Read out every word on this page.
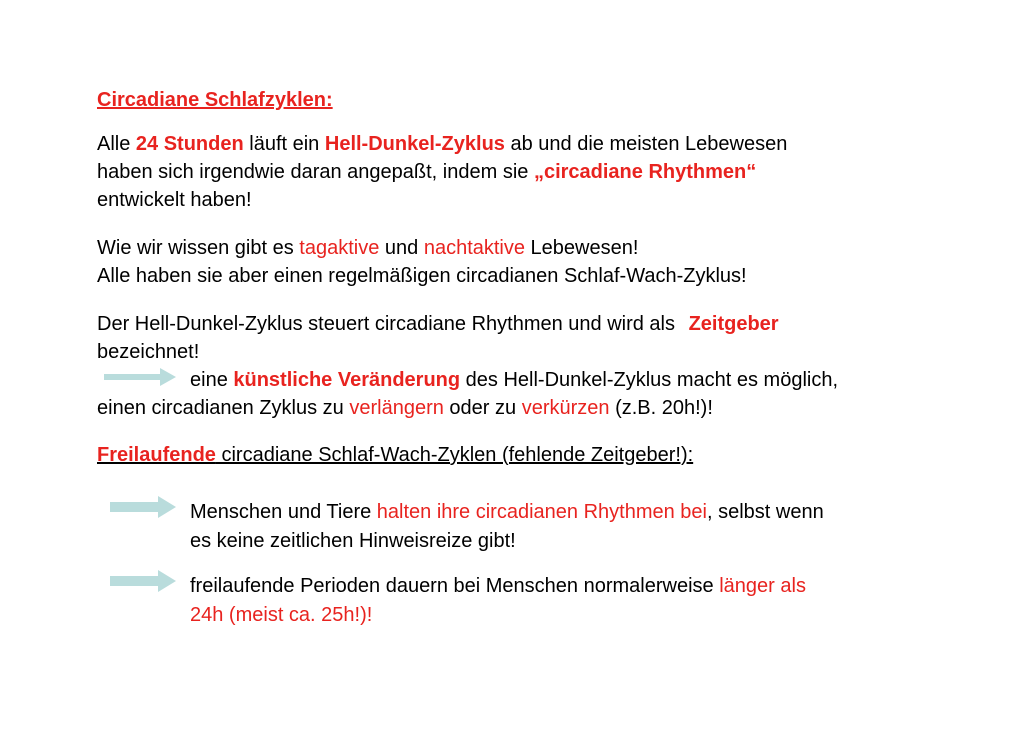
Circadiane Schlafzyklen:
Alle 24 Stunden läuft ein Hell-Dunkel-Zyklus ab und die meisten Lebewesen
haben sich irgendwie daran angepaßt, indem sie „circadiane Rhythmen“
entwickelt haben!
Wie wir wissen gibt es tagaktive und nachtaktive Lebewesen!
Alle haben sie aber einen regelmäßigen circadianen Schlaf-Wach-Zyklus!
Der Hell-Dunkel-Zyklus steuert circadiane Rhythmen und wird als Zeitgeber
bezeichnet!
eine künstliche Veränderung des Hell-Dunkel-Zyklus macht es möglich,
einen circadianen Zyklus zu verlängern oder zu verkürzen (z.B. 20h!)!
Freilaufende circadiane Schlaf-Wach-Zyklen (fehlende Zeitgeber!):
Menschen und Tiere halten ihre circadianen Rhythmen bei, selbst wenn
es keine zeitlichen Hinweisreize gibt!
freilaufende Perioden dauern bei Menschen normalerweise länger als
24h (meist ca. 25h!)!
